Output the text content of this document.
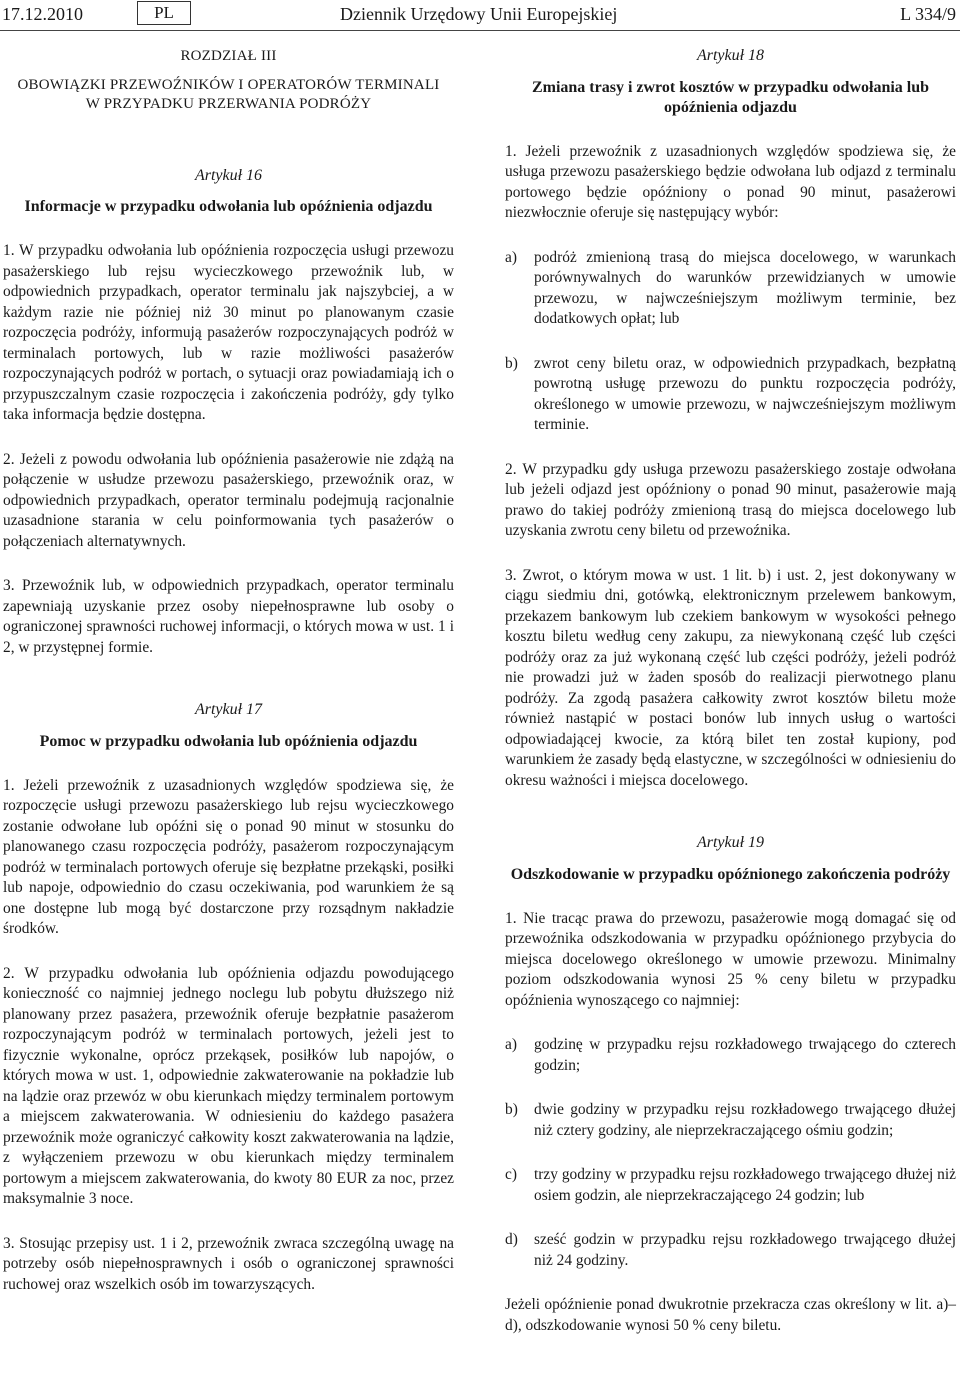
17.12.2010	PL	Dziennik Urzędowy Unii Europejskiej	L 334/9
ROZDZIAŁ III
OBOWIĄZKI PRZEWOŹNIKÓW I OPERATORÓW TERMINALI
W PRZYPADKU PRZERWANIA PODRÓŻY
Artykuł 16
Informacje w przypadku odwołania lub opóźnienia odjazdu

1. W przypadku odwołania lub opóźnienia rozpoczęcia usługi przewozu pasażerskiego lub rejsu wycieczkowego przewoźnik lub, w odpowiednich przypadkach, operator terminalu jak najszybciej, a w każdym razie nie później niż 30 minut po planowanym czasie rozpoczęcia podróży, informują pasażerów rozpoczynających podróż w terminalach portowych, lub w razie możliwości pasażerów rozpoczynających podróż w portach, o sytuacji oraz powiadamiają ich o przypuszczalnym czasie rozpoczęcia i zakończenia podróży, gdy tylko taka informacja będzie dostępna.

2. Jeżeli z powodu odwołania lub opóźnienia pasażerowie nie zdążą na połączenie w usłudze przewozu pasażerskiego, przewoźnik oraz, w odpowiednich przypadkach, operator terminalu podejmują racjonalnie uzasadnione starania w celu poinformowania tych pasażerów o połączeniach alternatywnych.

3. Przewoźnik lub, w odpowiednich przypadkach, operator terminalu zapewniają uzyskanie przez osoby niepełnosprawne lub osoby o ograniczonej sprawności ruchowej informacji, o których mowa w ust. 1 i 2, w przystępnej formie.

Artykuł 17
Pomoc w przypadku odwołania lub opóźnienia odjazdu

1. Jeżeli przewoźnik z uzasadnionych względów spodziewa się, że rozpoczęcie usługi przewozu pasażerskiego lub rejsu wycieczkowego zostanie odwołane lub opóźni się o ponad 90 minut w stosunku do planowanego czasu rozpoczęcia podróży, pasażerom rozpoczynającym podróż w terminalach portowych oferuje się bezpłatne przekąski, posiłki lub napoje, odpowiednio do czasu oczekiwania, pod warunkiem że są one dostępne lub mogą być dostarczone przy rozsądnym nakładzie środków.

2. W przypadku odwołania lub opóźnienia odjazdu powodującego konieczność co najmniej jednego noclegu lub pobytu dłuższego niż planowany przez pasażera, przewoźnik oferuje bezpłatnie pasażerom rozpoczynającym podróż w terminalach portowych, jeżeli jest to fizycznie wykonalne, oprócz przekąsek, posiłków lub napojów, o których mowa w ust. 1, odpowiednie zakwaterowanie na pokładzie lub na lądzie oraz przewóz w obu kierunkach między terminalem portowym a miejscem zakwaterowania. W odniesieniu do każdego pasażera przewoźnik może ograniczyć całkowity koszt zakwaterowania na lądzie, z wyłączeniem przewozu w obu kierunkach między terminalem portowym a miejscem zakwaterowania, do kwoty 80 EUR za noc, przez maksymalnie 3 noce.

3. Stosując przepisy ust. 1 i 2, przewoźnik zwraca szczególną uwagę na potrzeby osób niepełnosprawnych i osób o ograniczonej sprawności ruchowej oraz wszelkich osób im towarzyszących.

Artykuł 18
Zmiana trasy i zwrot kosztów w przypadku odwołania lub opóźnienia odjazdu

1. Jeżeli przewoźnik z uzasadnionych względów spodziewa się, że usługa przewozu pasażerskiego będzie odwołana lub odjazd z terminalu portowego będzie opóźniony o ponad 90 minut, pasażerowi niezwłocznie oferuje się następujący wybór:

a)	podróż zmienioną trasą do miejsca docelowego, w warunkach porównywalnych do warunków przewidzianych w umowie przewozu, w najwcześniejszym możliwym terminie, bez dodatkowych opłat; lub
b)	zwrot ceny biletu oraz, w odpowiednich przypadkach, bezpłatną powrotną usługę przewozu do punktu rozpoczęcia podróży, określonego w umowie przewozu, w najwcześniejszym możliwym terminie.

2. W przypadku gdy usługa przewozu pasażerskiego zostaje odwołana lub jeżeli odjazd jest opóźniony o ponad 90 minut, pasażerowie mają prawo do takiej podróży zmienioną trasą do miejsca docelowego lub uzyskania zwrotu ceny biletu od przewoźnika.

3. Zwrot, o którym mowa w ust. 1 lit. b) i ust. 2, jest dokonywany w ciągu siedmiu dni, gotówką, elektronicznym przelewem bankowym, przekazem bankowym lub czekiem bankowym w wysokości pełnego kosztu biletu według ceny zakupu, za niewykonaną część lub części podróży oraz za już wykonaną część lub części podróży, jeżeli podróż nie prowadzi już w żaden sposób do realizacji pierwotnego planu podróży. Za zgodą pasażera całkowity zwrot kosztów biletu może również nastąpić w postaci bonów lub innych usług o wartości odpowiadającej kwocie, za którą bilet ten został kupiony, pod warunkiem że zasady będą elastyczne, w szczególności w odniesieniu do okresu ważności i miejsca docelowego.

Artykuł 19
Odszkodowanie w przypadku opóźnionego zakończenia podróży

1. Nie tracąc prawa do przewozu, pasażerowie mogą domagać się od przewoźnika odszkodowania w przypadku opóźnionego przybycia do miejsca docelowego określonego w umowie przewozu. Minimalny poziom odszkodowania wynosi 25 % ceny biletu w przypadku opóźnienia wynoszącego co najmniej:

a)	godzinę w przypadku rejsu rozkładowego trwającego do czterech godzin;
b)	dwie godziny w przypadku rejsu rozkładowego trwającego dłużej niż cztery godziny, ale nieprzekraczającego ośmiu godzin;
c)	trzy godziny w przypadku rejsu rozkładowego trwającego dłużej niż osiem godzin, ale nieprzekraczającego 24 godzin; lub
d)	sześć godzin w przypadku rejsu rozkładowego trwającego dłużej niż 24 godziny.

Jeżeli opóźnienie ponad dwukrotnie przekracza czas określony w lit. a)–d), odszkodowanie wynosi 50 % ceny biletu.
